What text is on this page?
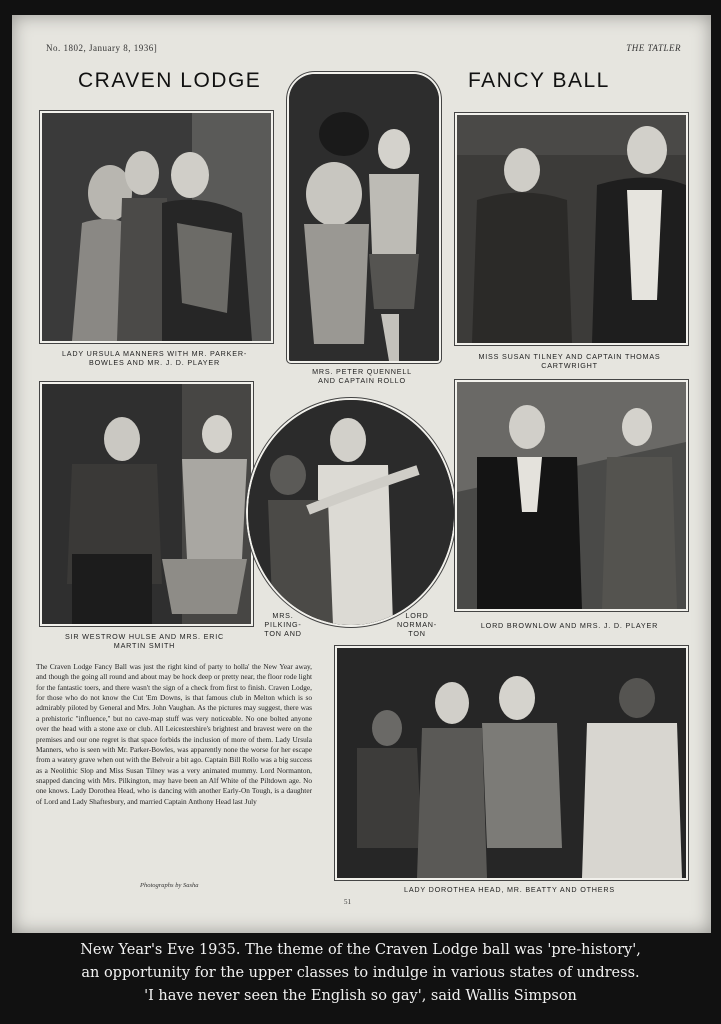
No. 1802, January 8, 1936]	THE TATLER
CRAVEN LODGE	FANCY BALL
LADY URSULA MANNERS WITH MR. PARKER-
BOWLES AND MR. J. D. PLAYER
MRS. PETER QUENNELL
AND CAPTAIN ROLLO
MISS SUSAN TILNEY AND CAPTAIN THOMAS
CARTWRIGHT
SIR WESTROW HULSE AND MRS. ERIC
MARTIN SMITH
MRS.
PILKING-
TON AND
LORD
NORMAN-
TON
LORD BROWNLOW AND MRS. J. D. PLAYER
LADY DOROTHEA HEAD, MR. BEATTY AND OTHERS
The Craven Lodge Fancy Ball was just the right kind of party to holla' the New Year away, and though the going all round and about may be hock deep or pretty near, the floor rode light for the fantastic toers, and there wasn't the sign of a check from first to finish. Craven Lodge, for those who do not know the Cut 'Em Downs, is that famous club in Melton which is so admirably piloted by General and Mrs. John Vaughan. As the pictures may suggest, there was a prehistoric "influence," but no cave-map stuff was very noticeable. No one bolted anyone over the head with a stone axe or club. All Leicestershire's brightest and bravest were on the premises and our one regret is that space forbids the inclusion of more of them. Lady Ursula Manners, who is seen with Mr. Parker-Bowles, was apparently none the worse for her escape from a watery grave when out with the Belvoir a bit ago. Captain Bill Rollo was a big success as a Neolithic Slop and Miss Susan Tilney was a very animated mummy. Lord Normanton, snapped dancing with Mrs. Pilkington, may have been an Alf White of the Piltdown age. No one knows. Lady Dorothea Head, who is dancing with another Early-On Tough, is a daughter of Lord and Lady Shaftesbury, and married Captain Anthony Head last July
Photographs by Sasha
51
New Year's Eve 1935. The theme of the Craven Lodge ball was 'pre-history',
an opportunity for the upper classes to indulge in various states of undress.
'I have never seen the English so gay', said Wallis Simpson
